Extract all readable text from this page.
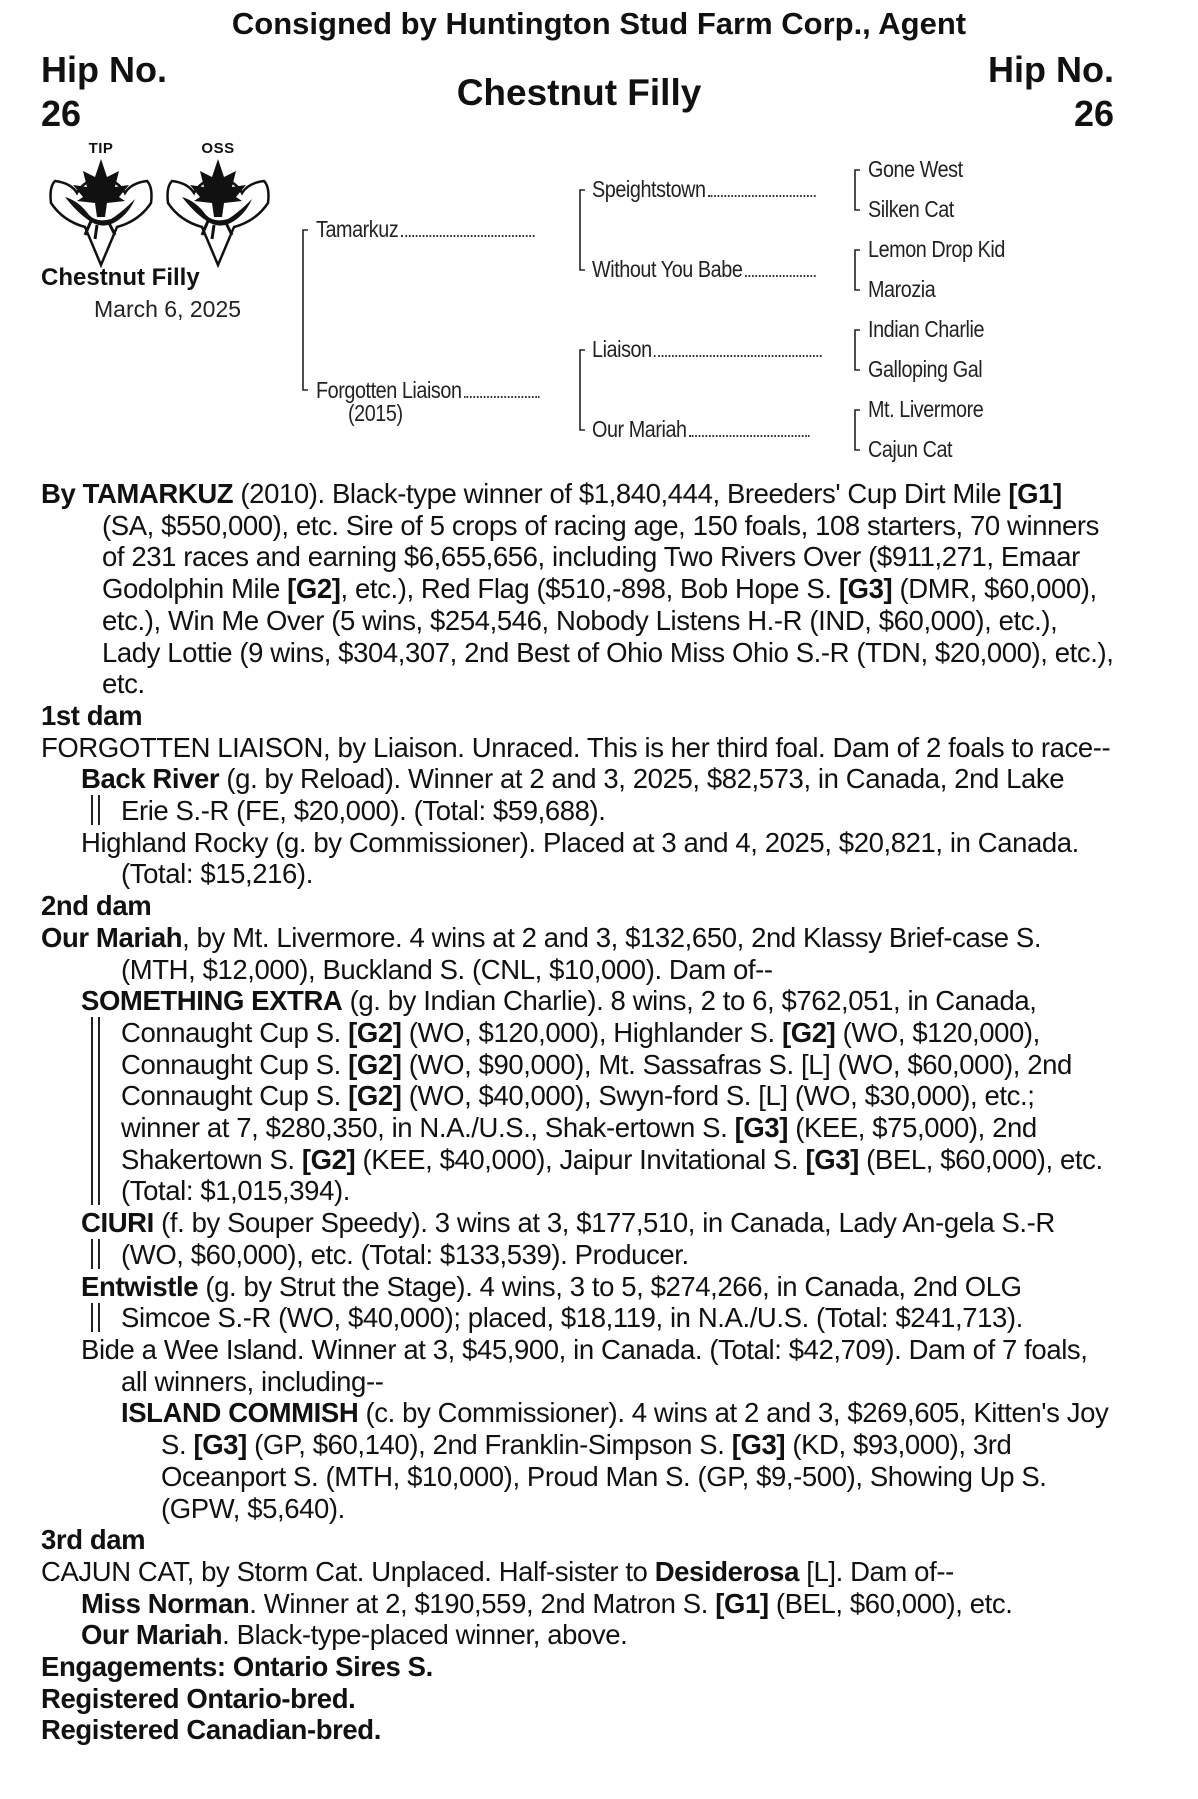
Consigned by Huntington Stud Farm Corp., Agent
Hip No.
26
Hip No.
26
Chestnut Filly
TIP	OSS
Chestnut Filly
March 6, 2025
Tamarkuz
Forgotten Liaison
(2015)
Speightstown
Without You Babe
Liaison
Our Mariah
Gone West
Silken Cat
Lemon Drop Kid
Marozia
Indian Charlie
Galloping Gal
Mt. Livermore
Cajun Cat
By TAMARKUZ (2010). Black-type winner of $1,840,444, Breeders' Cup Dirt Mile [G1] (SA, $550,000), etc. Sire of 5 crops of racing age, 150 foals, 108 starters, 70 winners of 231 races and earning $6,655,656, including Two Rivers Over ($911,271, Emaar Godolphin Mile [G2], etc.), Red Flag ($510,-898, Bob Hope S. [G3] (DMR, $60,000), etc.), Win Me Over (5 wins, $254,546, Nobody Listens H.-R (IND, $60,000), etc.), Lady Lottie (9 wins, $304,307, 2nd Best of Ohio Miss Ohio S.-R (TDN, $20,000), etc.), etc.
1st dam
FORGOTTEN LIAISON, by Liaison. Unraced. This is her third foal. Dam of 2 foals to race--
Back River (g. by Reload). Winner at 2 and 3, 2025, $82,573, in Canada, 2nd Lake Erie S.-R (FE, $20,000). (Total: $59,688).
Highland Rocky (g. by Commissioner). Placed at 3 and 4, 2025, $20,821, in Canada. (Total: $15,216).
2nd dam
Our Mariah, by Mt. Livermore. 4 wins at 2 and 3, $132,650, 2nd Klassy Brief-case S. (MTH, $12,000), Buckland S. (CNL, $10,000). Dam of--
SOMETHING EXTRA (g. by Indian Charlie). 8 wins, 2 to 6, $762,051, in Canada, Connaught Cup S. [G2] (WO, $120,000), Highlander S. [G2] (WO, $120,000), Connaught Cup S. [G2] (WO, $90,000), Mt. Sassafras S. [L] (WO, $60,000), 2nd Connaught Cup S. [G2] (WO, $40,000), Swyn-ford S. [L] (WO, $30,000), etc.; winner at 7, $280,350, in N.A./U.S., Shak-ertown S. [G3] (KEE, $75,000), 2nd Shakertown S. [G2] (KEE, $40,000), Jaipur Invitational S. [G3] (BEL, $60,000), etc. (Total: $1,015,394).
CIURI (f. by Souper Speedy). 3 wins at 3, $177,510, in Canada, Lady An-gela S.-R (WO, $60,000), etc. (Total: $133,539). Producer.
Entwistle (g. by Strut the Stage). 4 wins, 3 to 5, $274,266, in Canada, 2nd OLG Simcoe S.-R (WO, $40,000); placed, $18,119, in N.A./U.S. (Total: $241,713).
Bide a Wee Island. Winner at 3, $45,900, in Canada. (Total: $42,709). Dam of 7 foals, all winners, including--
ISLAND COMMISH (c. by Commissioner). 4 wins at 2 and 3, $269,605, Kitten's Joy S. [G3] (GP, $60,140), 2nd Franklin-Simpson S. [G3] (KD, $93,000), 3rd Oceanport S. (MTH, $10,000), Proud Man S. (GP, $9,-500), Showing Up S. (GPW, $5,640).
3rd dam
CAJUN CAT, by Storm Cat. Unplaced. Half-sister to Desiderosa [L]. Dam of--
Miss Norman. Winner at 2, $190,559, 2nd Matron S. [G1] (BEL, $60,000), etc.
Our Mariah. Black-type-placed winner, above.
Engagements: Ontario Sires S.
Registered Ontario-bred.
Registered Canadian-bred.
